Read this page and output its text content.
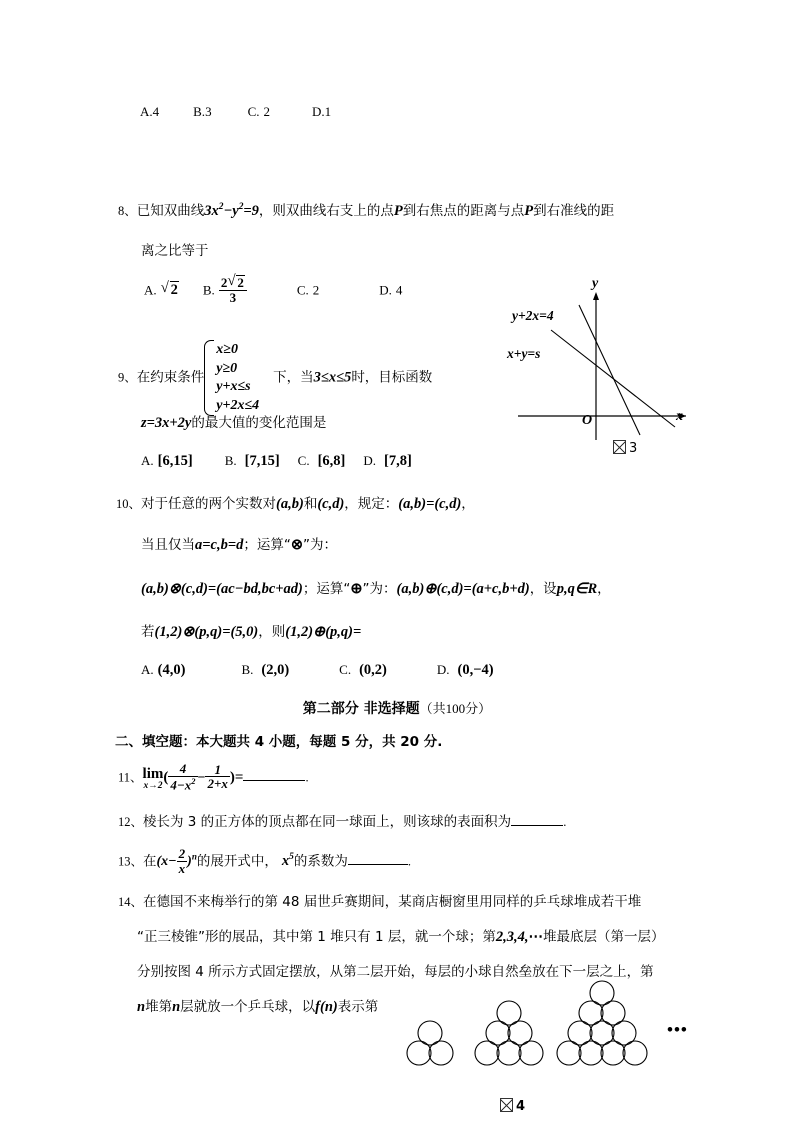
A.4	B.3	C. 2	D.1
8、已知双曲线$3x^2-y^2=9$，则双曲线右支上的点P到右焦点的距离与点P到右准线的距
离之比等于
A. √ 2 B. $\frac{2 √ 2}{3}$	C. 2	D. 4
9、在约束条件
x≥0
y≥0
y+x≤s
y+2x≤4
下，当3≤x≤5时，目标函数
z=3x+2y的最大值的变化范围是
A. [6,15] B. [7,15] C. [6,8] D. [7,8]
y
x
O
y+2x=4
x+y=s
3
10、对于任意的两个实数对(a,b)和(c,d)，规定：(a,b)=(c,d)，
当且仅当a=c,b=d；运算“⊗”为：
(a,b)⊗(c,d)=(ac−bd,bc+ad)；运算“⊕”为：(a,b)⊕(c,d)=(a+c,b+d)，设p,q∈R，
若(1,2)⊗(p,q)=(5,0)，则(1,2)⊕(p,q)=
A. (4,0)	B. (2,0)	C. (0,2)	D. (0,−4)
第二部分 非选择题（共100分）
二、填空题：本大题共 4 小题，每题 5 分，共 20 分.
11、 lim
x→2
( $\frac{4}{4-x^2} - \frac{1}{2+x}$ )=	.
12、棱长为 3 的正方体的顶点都在同一球面上，则该球的表面积为	.
13、在$(x- \frac{2}{x} )^n$的展开式中， $x^5$的系数为	.
14、在德国不来梅举行的第 48 届世乒赛期间，某商店橱窗里用同样的乒乓球堆成若干堆
“正三棱锥”形的展品，其中第 1 堆只有 1 层，就一个球；第2,3,4,⋯堆最底层（第一层）
分别按图 4 所示方式固定摆放，从第二层开始，每层的小球自然垒放在下一层之上，第
n堆第n层就放一个乒乓球，以f(n)表示第
•••
4
